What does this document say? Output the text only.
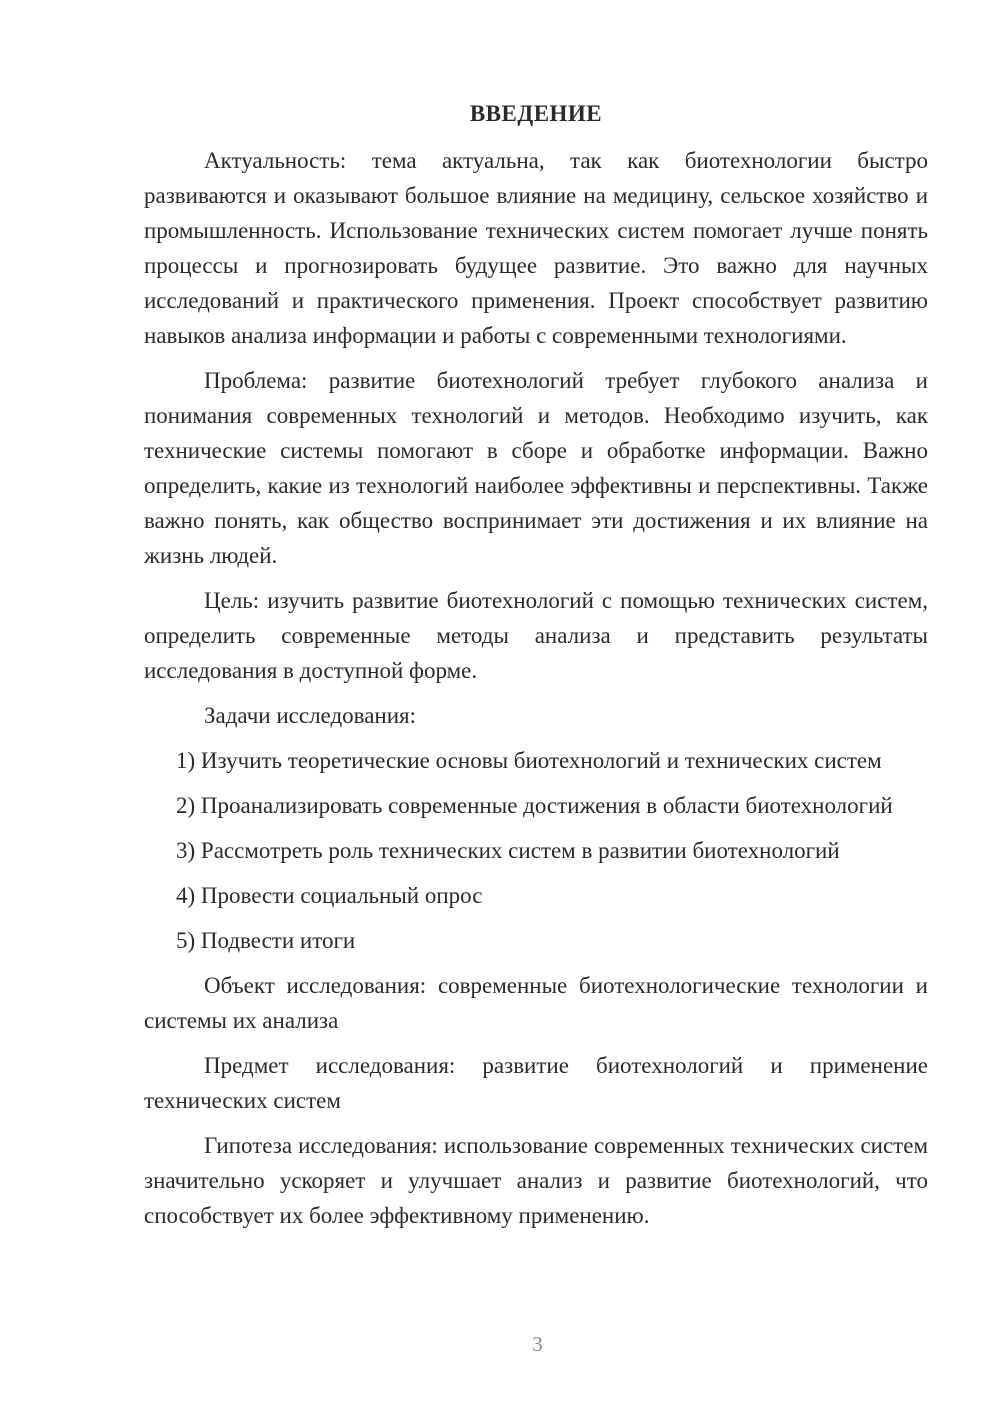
ВВЕДЕНИЕ

Актуальность: тема актуальна, так как биотехнологии быстро развиваются и оказывают большое влияние на медицину, сельское хозяйство и промышленность. Использование технических систем помогает лучше понять процессы и прогнозировать будущее развитие. Это важно для научных исследований и практического применения. Проект способствует развитию навыков анализа информации и работы с современными технологиями.

Проблема: развитие биотехнологий требует глубокого анализа и понимания современных технологий и методов. Необходимо изучить, как технические системы помогают в сборе и обработке информации. Важно определить, какие из технологий наиболее эффективны и перспективны. Также важно понять, как общество воспринимает эти достижения и их влияние на жизнь людей.

Цель: изучить развитие биотехнологий с помощью технических систем, определить современные методы анализа и представить результаты исследования в доступной форме.

Задачи исследования:

1) Изучить теоретические основы биотехнологий и технических систем

2) Проанализировать современные достижения в области биотехнологий

3) Рассмотреть роль технических систем в развитии биотехнологий

4) Провести социальный опрос

5) Подвести итоги

Объект исследования: современные биотехнологические технологии и системы их анализа

Предмет исследования: развитие биотехнологий и применение технических систем

Гипотеза исследования: использование современных технических систем значительно ускоряет и улучшает анализ и развитие биотехнологий, что способствует их более эффективному применению.

3
